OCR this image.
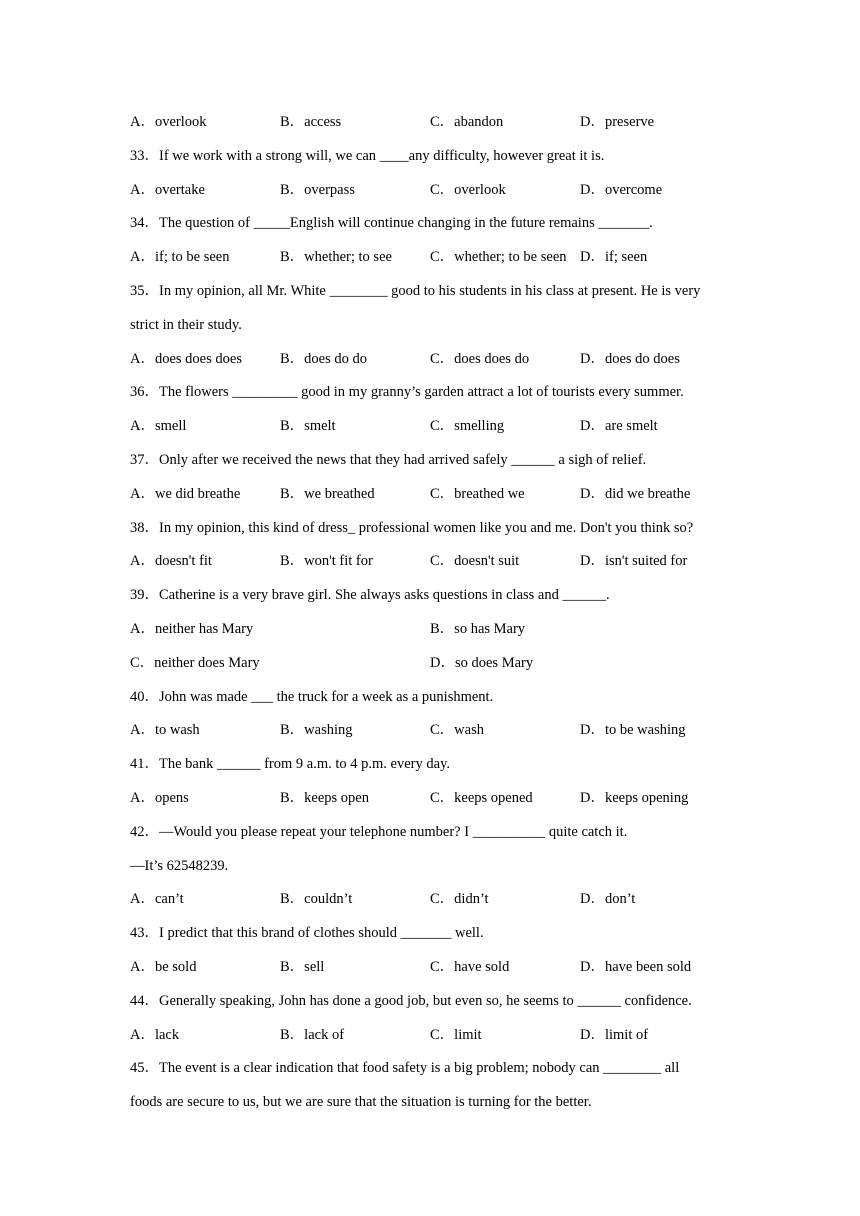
A．overlook	B．access	C．abandon	D．preserve
33．If we work with a strong will, we can ____any difficulty, however great it is.
A．overtake	B．overpass	C．overlook	D．overcome
34．The question of _____English will continue changing in the future remains _______.
A．if; to be seen	B．whether; to see	C．whether; to be seen D．if; seen
35．In my opinion, all Mr. White ________ good to his students in his class at present. He is very
strict in their study.
A．does does does	B．does do do	C．does does do	D．does do does
36．The flowers _________ good in my granny’s garden attract a lot of tourists every summer.
A．smell	B．smelt	C．smelling	D．are smelt
37．Only after we received the news that they had arrived safely ______ a sigh of relief.
A．we did breathe	B．we breathed	C．breathed we	D．did we breathe
38．In my opinion, this kind of dress_ professional women like you and me. Don't you think so?
A．doesn't fit	B．won't fit for	C．doesn't suit	D．isn't suited for
39．Catherine is a very brave girl. She always asks questions in class and ______.
A．neither has Mary	B．so has Mary
C．neither does Mary	D．so does Mary
40．John was made ___ the truck for a week as a punishment.
A．to wash	B．washing	C．wash	D．to be washing
41．The bank ______ from 9 a.m. to 4 p.m. every day.
A．opens	B．keeps open	C．keeps opened	D．keeps opening
42．—Would you please repeat your telephone number? I __________ quite catch it.
—It’s 62548239.
A．can’t	B．couldn’t	C．didn’t	D．don’t
43．I predict that this brand of clothes should _______ well.
A．be sold	B．sell	C．have sold	D．have been sold
44．Generally speaking, John has done a good job, but even so, he seems to ______ confidence.
A．lack	B．lack of	C．limit	D．limit of
45．The event is a clear indication that food safety is a big problem; nobody can ________ all
foods are secure to us, but we are sure that the situation is turning for the better.
